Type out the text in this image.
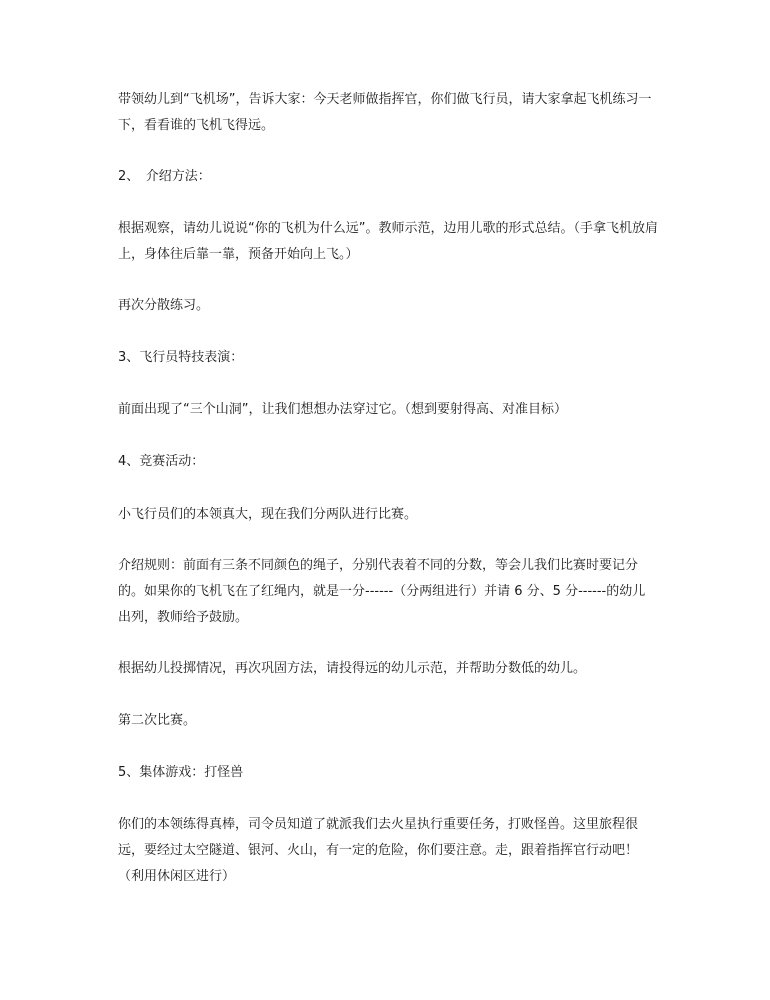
带领幼儿到“飞机场”，告诉大家：今天老师做指挥官，你们做飞行员，请大家拿起飞机练习一下，看看谁的飞机飞得远。

2、　介绍方法：

根据观察，请幼儿说说“你的飞机为什么远”。教师示范，边用儿歌的形式总结。（手拿飞机放肩上，身体往后靠一靠，预备开始向上飞。）

再次分散练习。

3、飞行员特技表演：

前面出现了“三个山洞”，让我们想想办法穿过它。（想到要射得高、对准目标）

4、竞赛活动：

小飞行员们的本领真大，现在我们分两队进行比赛。

介绍规则：前面有三条不同颜色的绳子，分别代表着不同的分数，等会儿我们比赛时要记分的。如果你的飞机飞在了红绳内，就是一分------（分两组进行）并请 6 分、5 分------的幼儿出列，教师给予鼓励。

根据幼儿投掷情况，再次巩固方法，请投得远的幼儿示范，并帮助分数低的幼儿。

第二次比赛。

5、集体游戏：打怪兽

你们的本领练得真棒，司令员知道了就派我们去火星执行重要任务，打败怪兽。这里旅程很远，要经过太空隧道、银河、火山，有一定的危险，你们要注意。走，跟着指挥官行动吧！（利用休闲区进行）
